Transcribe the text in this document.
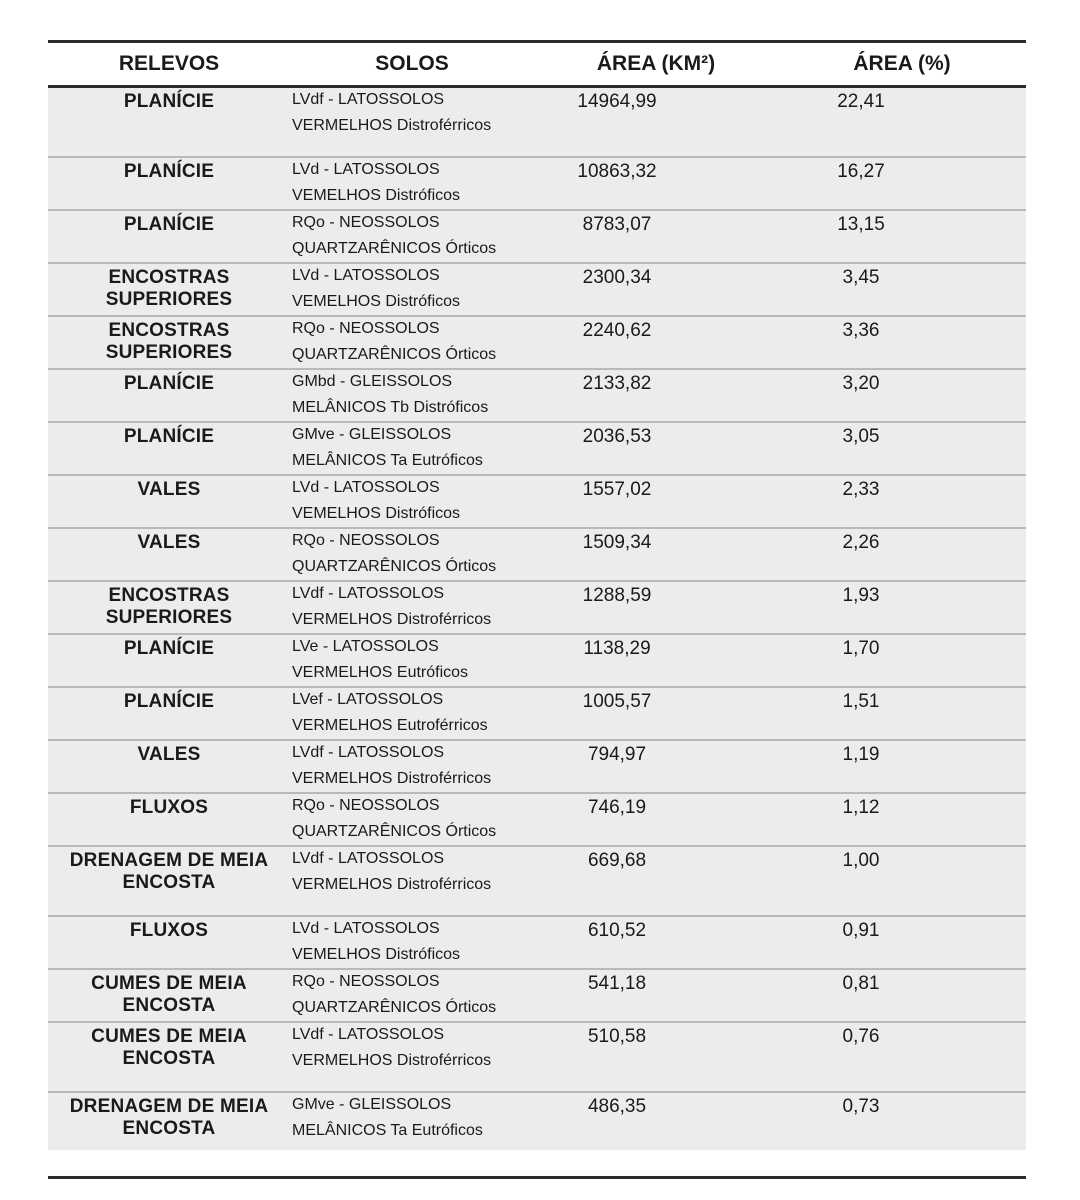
RELEVOS	SOLOS	ÁREA (KM²)	ÁREA (%)
PLANÍCIE	LVdf - LATOSSOLOS
VERMELHOS Distroférricos
14964,99	22,41
PLANÍCIE	LVd - LATOSSOLOS
VEMELHOS Distróficos
10863,32	16,27
PLANÍCIE	RQo - NEOSSOLOS
QUARTZARÊNICOS Órticos
8783,07	13,15
ENCOSTRAS SUPERIORES
LVd - LATOSSOLOS
VEMELHOS Distróficos
2300,34	3,45
ENCOSTRAS SUPERIORES
RQo - NEOSSOLOS
QUARTZARÊNICOS Órticos
2240,62	3,36
PLANÍCIE	GMbd - GLEISSOLOS
MELÂNICOS Tb Distróficos
2133,82	3,20
PLANÍCIE	GMve - GLEISSOLOS
MELÂNICOS Ta Eutróficos
2036,53	3,05
VALES	LVd - LATOSSOLOS
VEMELHOS Distróficos
1557,02	2,33
VALES	RQo - NEOSSOLOS
QUARTZARÊNICOS Órticos
1509,34	2,26
ENCOSTRAS SUPERIORES
LVdf - LATOSSOLOS
VERMELHOS Distroférricos
1288,59	1,93
PLANÍCIE	LVe - LATOSSOLOS
VERMELHOS Eutróficos
1138,29	1,70
PLANÍCIE	LVef - LATOSSOLOS
VERMELHOS Eutroférricos
1005,57	1,51
VALES	LVdf - LATOSSOLOS
VERMELHOS Distroférricos
794,97	1,19
FLUXOS	RQo - NEOSSOLOS
QUARTZARÊNICOS Órticos
746,19	1,12
DRENAGEM DE MEIA ENCOSTA
LVdf - LATOSSOLOS
VERMELHOS Distroférricos
669,68	1,00
FLUXOS	LVd - LATOSSOLOS
VEMELHOS Distróficos
610,52	0,91
CUMES DE MEIA ENCOSTA
RQo - NEOSSOLOS
QUARTZARÊNICOS Órticos
541,18	0,81
CUMES DE MEIA ENCOSTA
LVdf - LATOSSOLOS
VERMELHOS Distroférricos
510,58	0,76
DRENAGEM DE MEIA ENCOSTA
GMve - GLEISSOLOS
MELÂNICOS Ta Eutróficos
486,35	0,73
